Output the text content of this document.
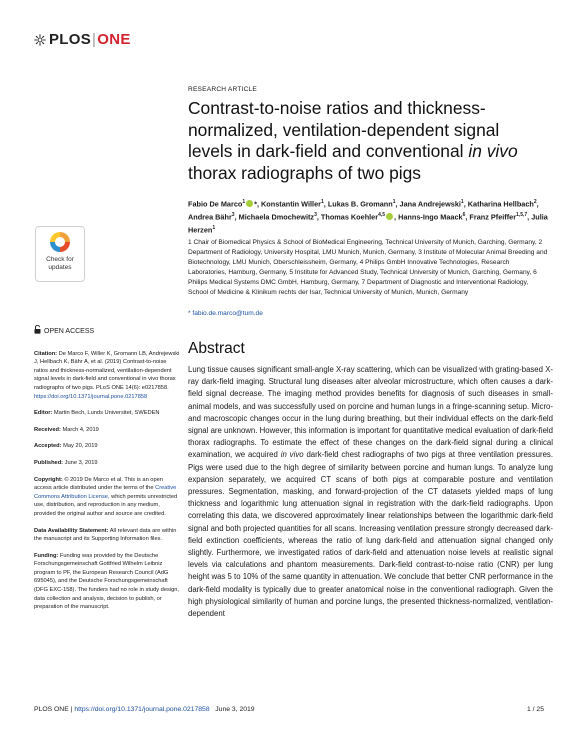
PLOS|ONE
Check for
updates
RESEARCH ARTICLE
Contrast-to-noise ratios and thickness-normalized, ventilation-dependent signal levels in dark-field and conventional in vivo thorax radiographs of two pigs
Fabio De Marco$^1$ *, Konstantin Willer$^1$, Lukas B. Gromann$^1$, Jana Andrejewski$^1$, Katharina Hellbach$^2$, Andrea Bähr$^3$, Michaela Dmochewitz$^3$, Thomas Koehler$^{4,5}$ , Hanns-Ingo Maack$^6$, Franz Pfeiffer$^{1,5,7}$, Julia Herzen$^1$
1 Chair of Biomedical Physics & School of BioMedical Engineering, Technical University of Munich, Garching, Germany, 2 Department of Radiology, University Hospital, LMU Munich, Munich, Germany, 3 Institute of Molecular Animal Breeding and Biotechnology, LMU Munich, Oberschleissheim, Germany, 4 Philips GmbH Innovative Technologies, Research Laboratories, Hamburg, Germany, 5 Institute for Advanced Study, Technical University of Munich, Garching, Germany, 6 Philips Medical Systems DMC GmbH, Hamburg, Germany, 7 Department of Diagnostic and Interventional Radiology, School of Medicine & Klinikum rechts der Isar, Technical University of Munich, Munich, Germany
* fabio.de.marco@tum.de
Abstract

Lung tissue causes significant small-angle X-ray scattering, which can be visualized with grating-based X-ray dark-field imaging. Structural lung diseases alter alveolar microstructure, which often causes a dark-field signal decrease. The imaging method provides benefits for diagnosis of such diseases in small-animal models, and was successfully used on porcine and human lungs in a fringe-scanning setup. Micro- and macroscopic changes occur in the lung during breathing, but their individual effects on the dark-field signal are unknown. However, this information is important for quantitative medical evaluation of dark-field thorax radiographs. To estimate the effect of these changes on the dark-field signal during a clinical examination, we acquired in vivo dark-field chest radiographs of two pigs at three ventilation pressures. Pigs were used due to the high degree of similarity between porcine and human lungs. To analyze lung expansion separately, we acquired CT scans of both pigs at comparable posture and ventilation pressures. Segmentation, masking, and forward-projection of the CT datasets yielded maps of lung thickness and logarithmic lung attenuation signal in registration with the dark-field radiographs. Upon correlating this data, we discovered approximately linear relationships between the logarithmic dark-field signal and both projected quantities for all scans. Increasing ventilation pressure strongly decreased dark-field extinction coefficients, whereas the ratio of lung dark-field and attenuation signal changed only slightly. Furthermore, we investigated ratios of dark-field and attenuation noise levels at realistic signal levels via calculations and phantom measurements. Dark-field contrast-to-noise ratio (CNR) per lung height was 5 to 10% of the same quantity in attenuation. We conclude that better CNR performance in the dark-field modality is typically due to greater anatomical noise in the conventional radiograph. Given the high physiological similarity of human and porcine lungs, the presented thickness-normalized, ventilation-dependent

OPEN ACCESS
Citation: De Marco F, Willer K, Gromann LB, Andrejewski J, Hellbach K, Bähr A, et al. (2019) Contrast-to-noise ratios and thickness-normalized, ventilation-dependent signal levels in dark-field and conventional in vivo thorax radiographs of two pigs. PLoS ONE 14(6): e0217858. https://doi.org/10.1371/journal.pone.0217858
Editor: Martin Bech, Lunds Universitet, SWEDEN
Received: March 4, 2019
Accepted: May 20, 2019
Published: June 3, 2019
Copyright: © 2019 De Marco et al. This is an open access article distributed under the terms of the Creative Commons Attribution License, which permits unrestricted use, distribution, and reproduction in any medium, provided the original author and source are credited.
Data Availability Statement: All relevant data are within the manuscript and its Supporting Information files.
Funding: Funding was provided by the Deutsche Forschungsgemeinschaft Gottfried Wilhelm Leibniz program to PF, the European Research Council (AdG 695045), and the Deutsche Forschungsgemeinschaft (DFG EXC-158). The funders had no role in study design, data collection and analysis, decision to publish, or preparation of the manuscript.
PLOS ONE | https://doi.org/10.1371/journal.pone.0217858 June 3, 2019	1 / 25
